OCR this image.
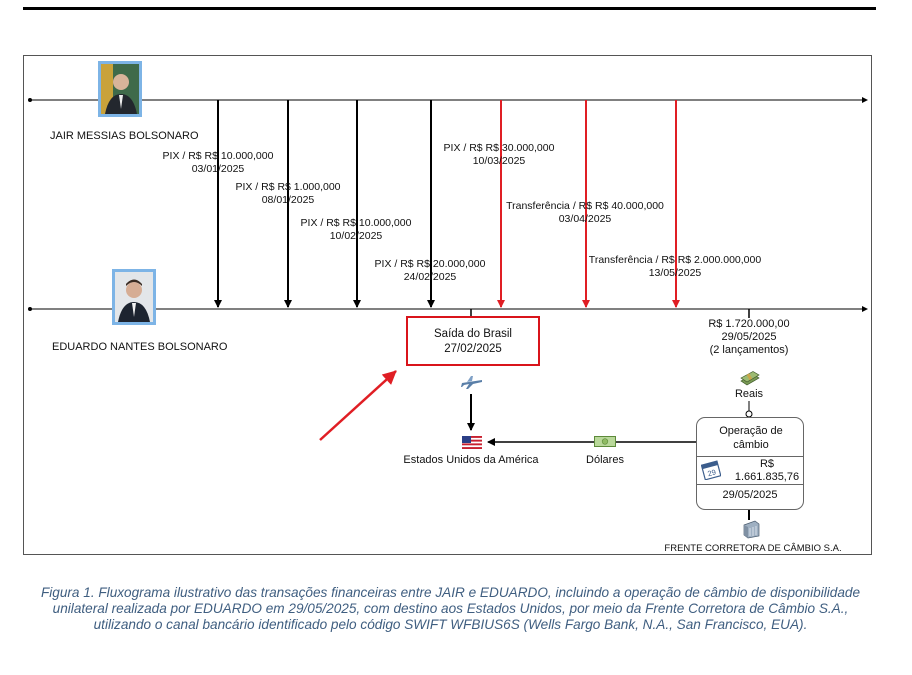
JAIR MESSIAS BOLSONARO
EDUARDO NANTES BOLSONARO
PIX / R$ R$ 10.000,000
03/01/2025
PIX / R$ R$ 1.000,000
08/01/2025
PIX / R$ R$ 10.000,000
10/02/2025
PIX / R$ R$ 20.000,000
24/02/2025
PIX / R$ R$ 30.000,000
10/03/2025
Transferência / R$ R$ 40.000,000
03/04/2025
Transferência / R$ R$ 2.000.000,000
13/05/2025
Saída do Brasil
27/02/2025
Estados Unidos da América	Dólares
R$ 1.720.000,00
29/05/2025
(2 lançamentos)
Reais
Operação de
câmbio
29
R$
1.661.835,76
29/05/2025
FRENTE CORRETORA DE CÂMBIO S.A.
Figura 1. Fluxograma ilustrativo das transações financeiras entre JAIR e EDUARDO, incluindo a operação de câmbio de disponibilidade unilateral realizada por EDUARDO em 29/05/2025, com destino aos Estados Unidos, por meio da Frente Corretora de Câmbio S.A., utilizando o canal bancário identificado pelo código SWIFT WFBIUS6S (Wells Fargo Bank, N.A., San Francisco, EUA).
